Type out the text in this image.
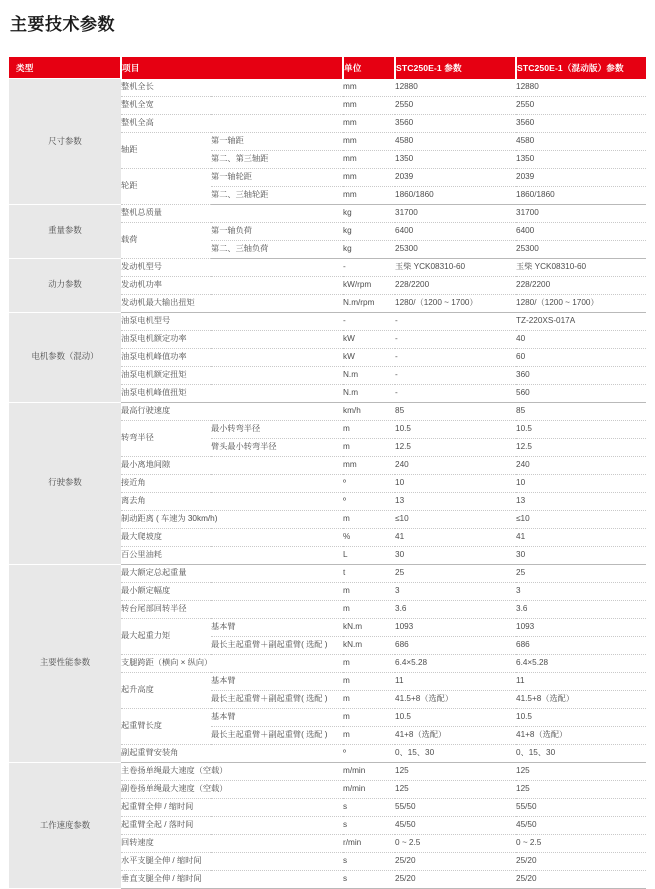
主要技术参数
类型	项目		单位	STC250E-1 参数	STC250E-1（混动版）参数
尺寸参数	整机全长		mm	12880	12880
	整机全宽		mm	2550	2550
	整机全高		mm	3560	3560
	轴距	第一轴距	mm	4580	4580
		第二、第三轴距	mm	1350	1350
	轮距	第一轴轮距	mm	2039	2039
		第二、三轴轮距	mm	1860/1860	1860/1860
重量参数	整机总质量		kg	31700	31700
	载荷	第一轴负荷	kg	6400	6400
		第二、三轴负荷	kg	25300	25300
动力参数	发动机型号		-	玉柴 YCK08310-60	玉柴 YCK08310-60
	发动机功率		kW/rpm	228/2200	228/2200
	发动机最大输出扭矩		N.m/rpm	1280/（1200 ~ 1700）	1280/（1200 ~ 1700）
电机参数（混动）	油泵电机型号		-	-	TZ-220XS-017A
	油泵电机额定功率		kW	-	40
	油泵电机峰值功率		kW	-	60
	油泵电机额定扭矩		N.m	-	360
	油泵电机峰值扭矩		N.m	-	560
行驶参数	最高行驶速度		km/h	85	85
	转弯半径	最小转弯半径	m	10.5	10.5
		臂头最小转弯半径	m	12.5	12.5
	最小离地间隙		mm	240	240
	接近角		º	10	10
	离去角		º	13	13
	制动距离 ( 车速为 30km/h)		m	≤10	≤10
	最大爬坡度		%	41	41
	百公里油耗		L	30	30
主要性能参数	最大额定总起重量		t	25	25
	最小额定幅度		m	3	3
	转台尾部回转半径		m	3.6	3.6
	最大起重力矩	基本臂	kN.m	1093	1093
		最长主起重臂＋副起重臂( 选配 )	kN.m	686	686
	支腿跨距（横向 × 纵向）		m	6.4×5.28	6.4×5.28
	起升高度	基本臂	m	11	11
		最长主起重臂＋副起重臂( 选配 )	m	41.5+8（选配）	41.5+8（选配）
	起重臂长度	基本臂	m	10.5	10.5
		最长主起重臂＋副起重臂( 选配 )	m	41+8（选配）	41+8（选配）
	副起重臂安装角		º	0、15、30	0、15、30
工作速度参数	主卷扬单绳最大速度（空载）		m/min	125	125
	副卷扬单绳最大速度（空载）		m/min	125	125
	起重臂全伸 / 缩时间		s	55/50	55/50
	起重臂全起 / 落时间		s	45/50	45/50
	回转速度		r/min	0 ~ 2.5	0 ~ 2.5
	水平支腿全伸 / 缩时间		s	25/20	25/20
	垂直支腿全伸 / 缩时间		s	25/20	25/20
